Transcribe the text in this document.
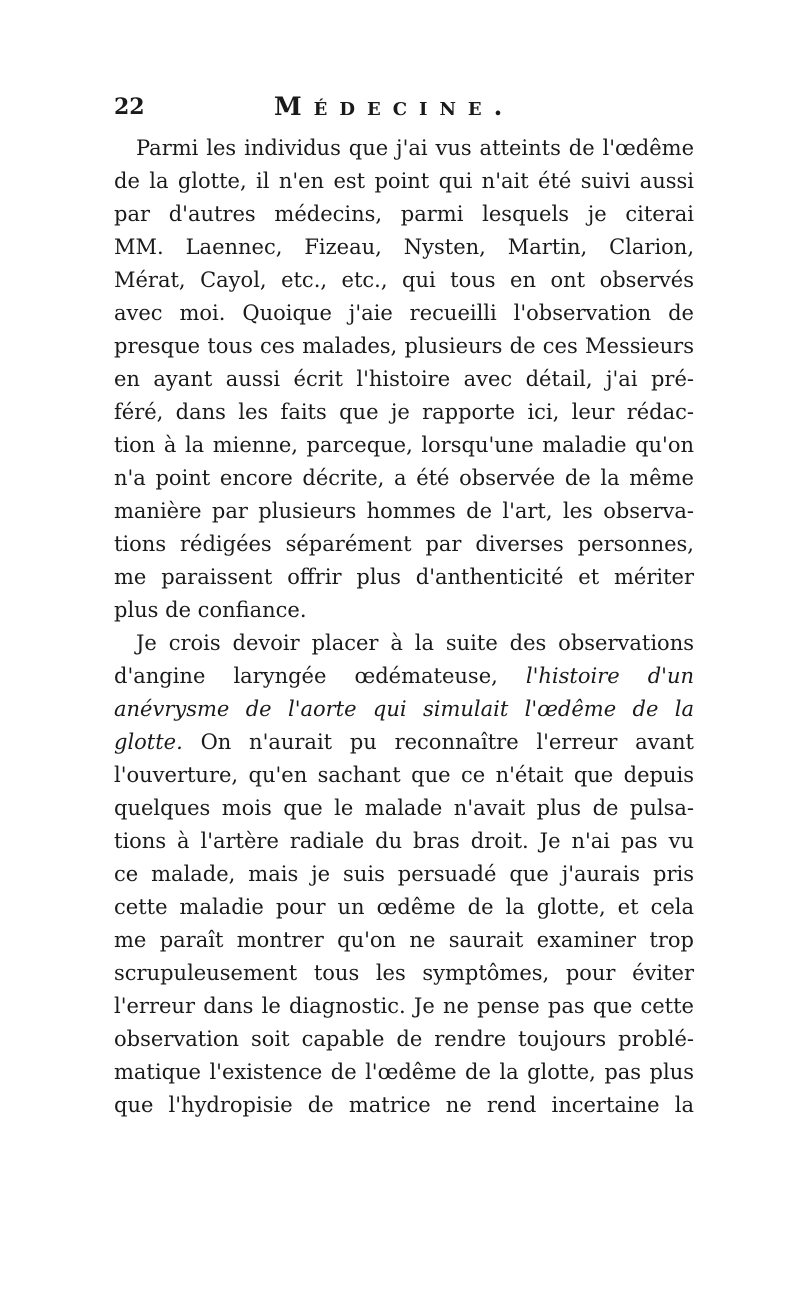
22	Médecine.
Parmi les individus que j'ai vus atteints de l'œdême
de la glotte, il n'en est point qui n'ait été suivi aussi
par d'autres médecins, parmi lesquels je citerai
MM. Laennec, Fizeau, Nysten, Martin, Clarion,
Mérat, Cayol, etc., etc., qui tous en ont observés
avec moi. Quoique j'aie recueilli l'observation de
presque tous ces malades, plusieurs de ces Messieurs
en ayant aussi écrit l'histoire avec détail, j'ai pré-
féré, dans les faits que je rapporte ici, leur rédac-
tion à la mienne, parceque, lorsqu'une maladie qu'on
n'a point encore décrite, a été observée de la même
manière par plusieurs hommes de l'art, les observa-
tions rédigées séparément par diverses personnes,
me paraissent offrir plus d'anthenticité et mériter
plus de confiance.
Je crois devoir placer à la suite des observations
d'angine laryngée œdémateuse, l'histoire d'un
anévrysme de l'aorte qui simulait l'œdême de la
glotte. On n'aurait pu reconnaître l'erreur avant
l'ouverture, qu'en sachant que ce n'était que depuis
quelques mois que le malade n'avait plus de pulsa-
tions à l'artère radiale du bras droit. Je n'ai pas vu
ce malade, mais je suis persuadé que j'aurais pris
cette maladie pour un œdême de la glotte, et cela
me paraît montrer qu'on ne saurait examiner trop
scrupuleusement tous les symptômes, pour éviter
l'erreur dans le diagnostic. Je ne pense pas que cette
observation soit capable de rendre toujours problé-
matique l'existence de l'œdême de la glotte, pas plus
que l'hydropisie de matrice ne rend incertaine la
